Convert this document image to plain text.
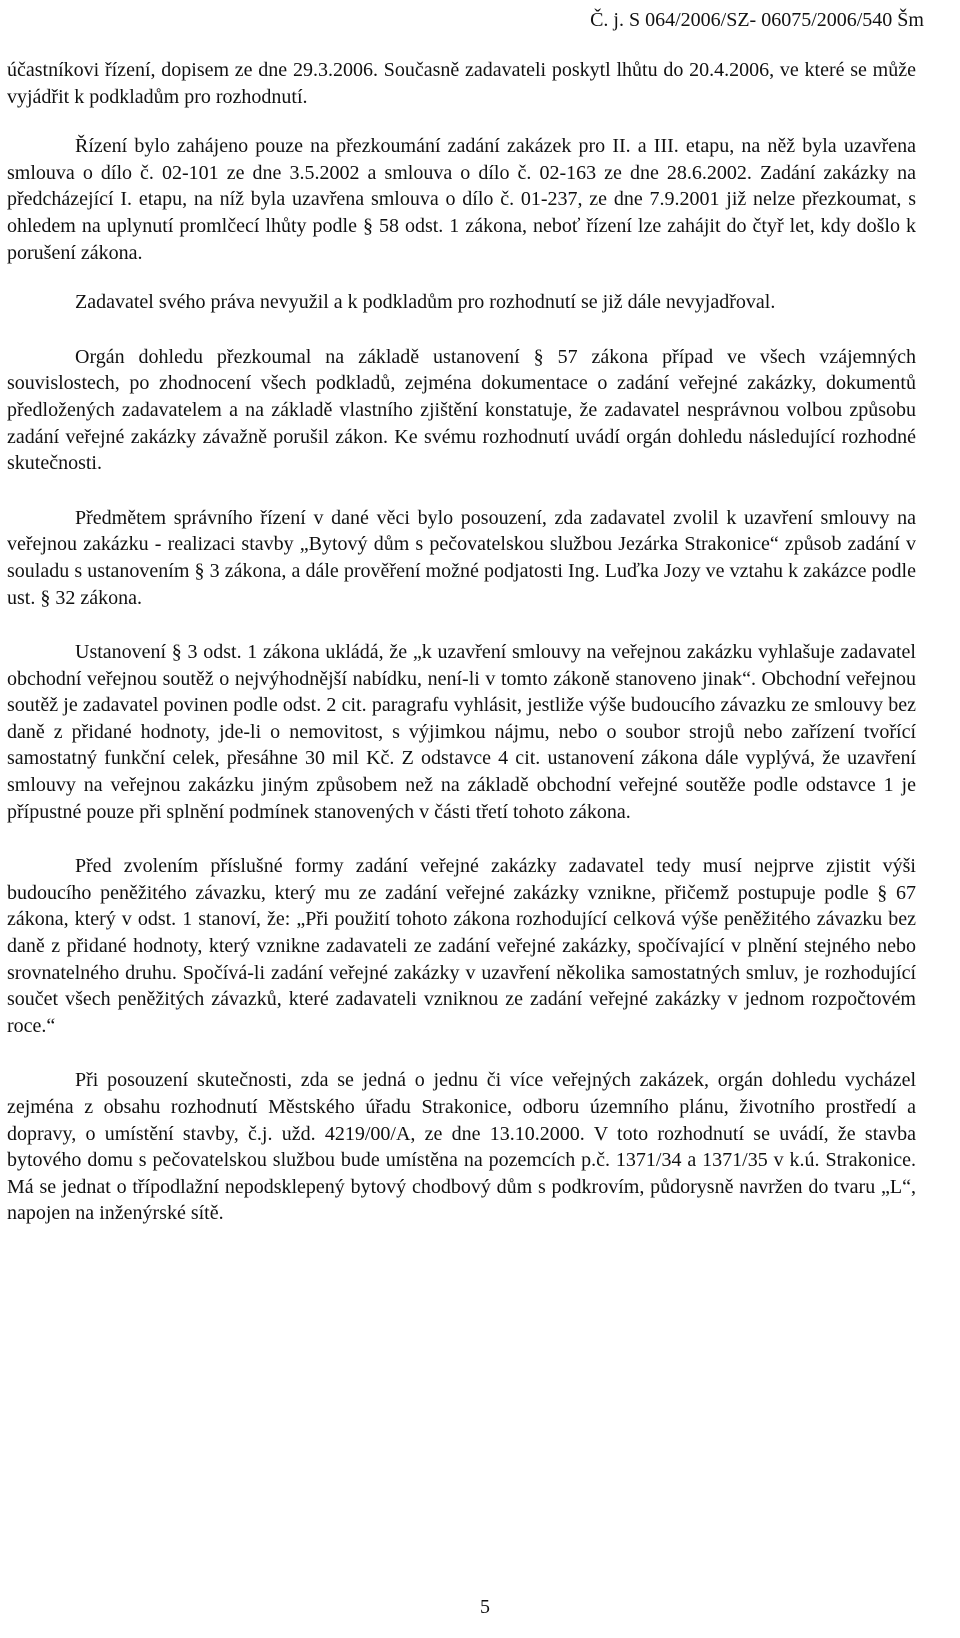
Č. j. S 064/2006/SZ- 06075/2006/540 Šm

účastníkovi řízení, dopisem ze dne 29.3.2006. Současně zadavateli poskytl lhůtu do 20.4.2006, ve které se může vyjádřit k podkladům pro rozhodnutí.

Řízení bylo zahájeno pouze na přezkoumání zadání zakázek pro II. a III. etapu, na něž byla uzavřena smlouva o dílo č. 02-101 ze dne 3.5.2002 a smlouva o dílo č. 02-163 ze dne 28.6.2002. Zadání zakázky na předcházející I. etapu, na níž byla uzavřena smlouva o dílo č. 01-237, ze dne 7.9.2001 již nelze přezkoumat, s ohledem na uplynutí promlčecí lhůty podle § 58 odst. 1 zákona, neboť řízení lze zahájit do čtyř let, kdy došlo k porušení zákona.

Zadavatel svého práva nevyužil a k podkladům pro rozhodnutí se již dále nevyjadřoval.

Orgán dohledu přezkoumal na základě ustanovení § 57 zákona případ ve všech vzájemných souvislostech, po zhodnocení všech podkladů, zejména dokumentace o zadání veřejné zakázky, dokumentů předložených zadavatelem a na základě vlastního zjištění konstatuje, že zadavatel nesprávnou volbou způsobu zadání veřejné zakázky závažně porušil zákon. Ke svému rozhodnutí uvádí orgán dohledu následující rozhodné skutečnosti.

Předmětem správního řízení v dané věci bylo posouzení, zda zadavatel zvolil k uzavření smlouvy na veřejnou zakázku - realizaci stavby „Bytový dům s pečovatelskou službou Jezárka Strakonice“ způsob zadání v souladu s ustanovením § 3 zákona, a dále prověření možné podjatosti Ing. Luďka Jozy ve vztahu k zakázce podle ust. § 32 zákona.

Ustanovení § 3 odst. 1 zákona ukládá, že „k uzavření smlouvy na veřejnou zakázku vyhlašuje zadavatel obchodní veřejnou soutěž o nejvýhodnější nabídku, není-li v tomto zákoně stanoveno jinak“. Obchodní veřejnou soutěž je zadavatel povinen podle odst. 2 cit. paragrafu vyhlásit, jestliže výše budoucího závazku ze smlouvy bez daně z přidané hodnoty, jde-li o nemovitost, s výjimkou nájmu, nebo o soubor strojů nebo zařízení tvořící samostatný funkční celek, přesáhne 30 mil Kč. Z odstavce 4 cit. ustanovení zákona dále vyplývá, že uzavření smlouvy na veřejnou zakázku jiným způsobem než na základě obchodní veřejné soutěže podle odstavce 1 je přípustné pouze při splnění podmínek stanovených v části třetí tohoto zákona.

Před zvolením příslušné formy zadání veřejné zakázky zadavatel tedy musí nejprve zjistit výši budoucího peněžitého závazku, který mu ze zadání veřejné zakázky vznikne, přičemž postupuje podle § 67 zákona, který v odst. 1 stanoví, že: „Při použití tohoto zákona rozhodující celková výše peněžitého závazku bez daně z přidané hodnoty, který vznikne zadavateli ze zadání veřejné zakázky, spočívající v plnění stejného nebo srovnatelného druhu. Spočívá-li zadání veřejné zakázky v uzavření několika samostatných smluv, je rozhodující součet všech peněžitých závazků, které zadavateli vzniknou ze zadání veřejné zakázky v jednom rozpočtovém roce.“

Při posouzení skutečnosti, zda se jedná o jednu či více veřejných zakázek, orgán dohledu vycházel zejména z obsahu rozhodnutí Městského úřadu Strakonice, odboru územního plánu, životního prostředí a dopravy, o umístění stavby, č.j. užd. 4219/00/A, ze dne 13.10.2000. V toto rozhodnutí se uvádí, že stavba bytového domu s pečovatelskou službou bude umístěna na pozemcích p.č. 1371/34 a 1371/35 v k.ú. Strakonice. Má se jednat o třípodlažní nepodsklepený bytový chodbový dům s podkrovím, půdorysně navržen do tvaru „L“, napojen na inženýrské sítě.

5
